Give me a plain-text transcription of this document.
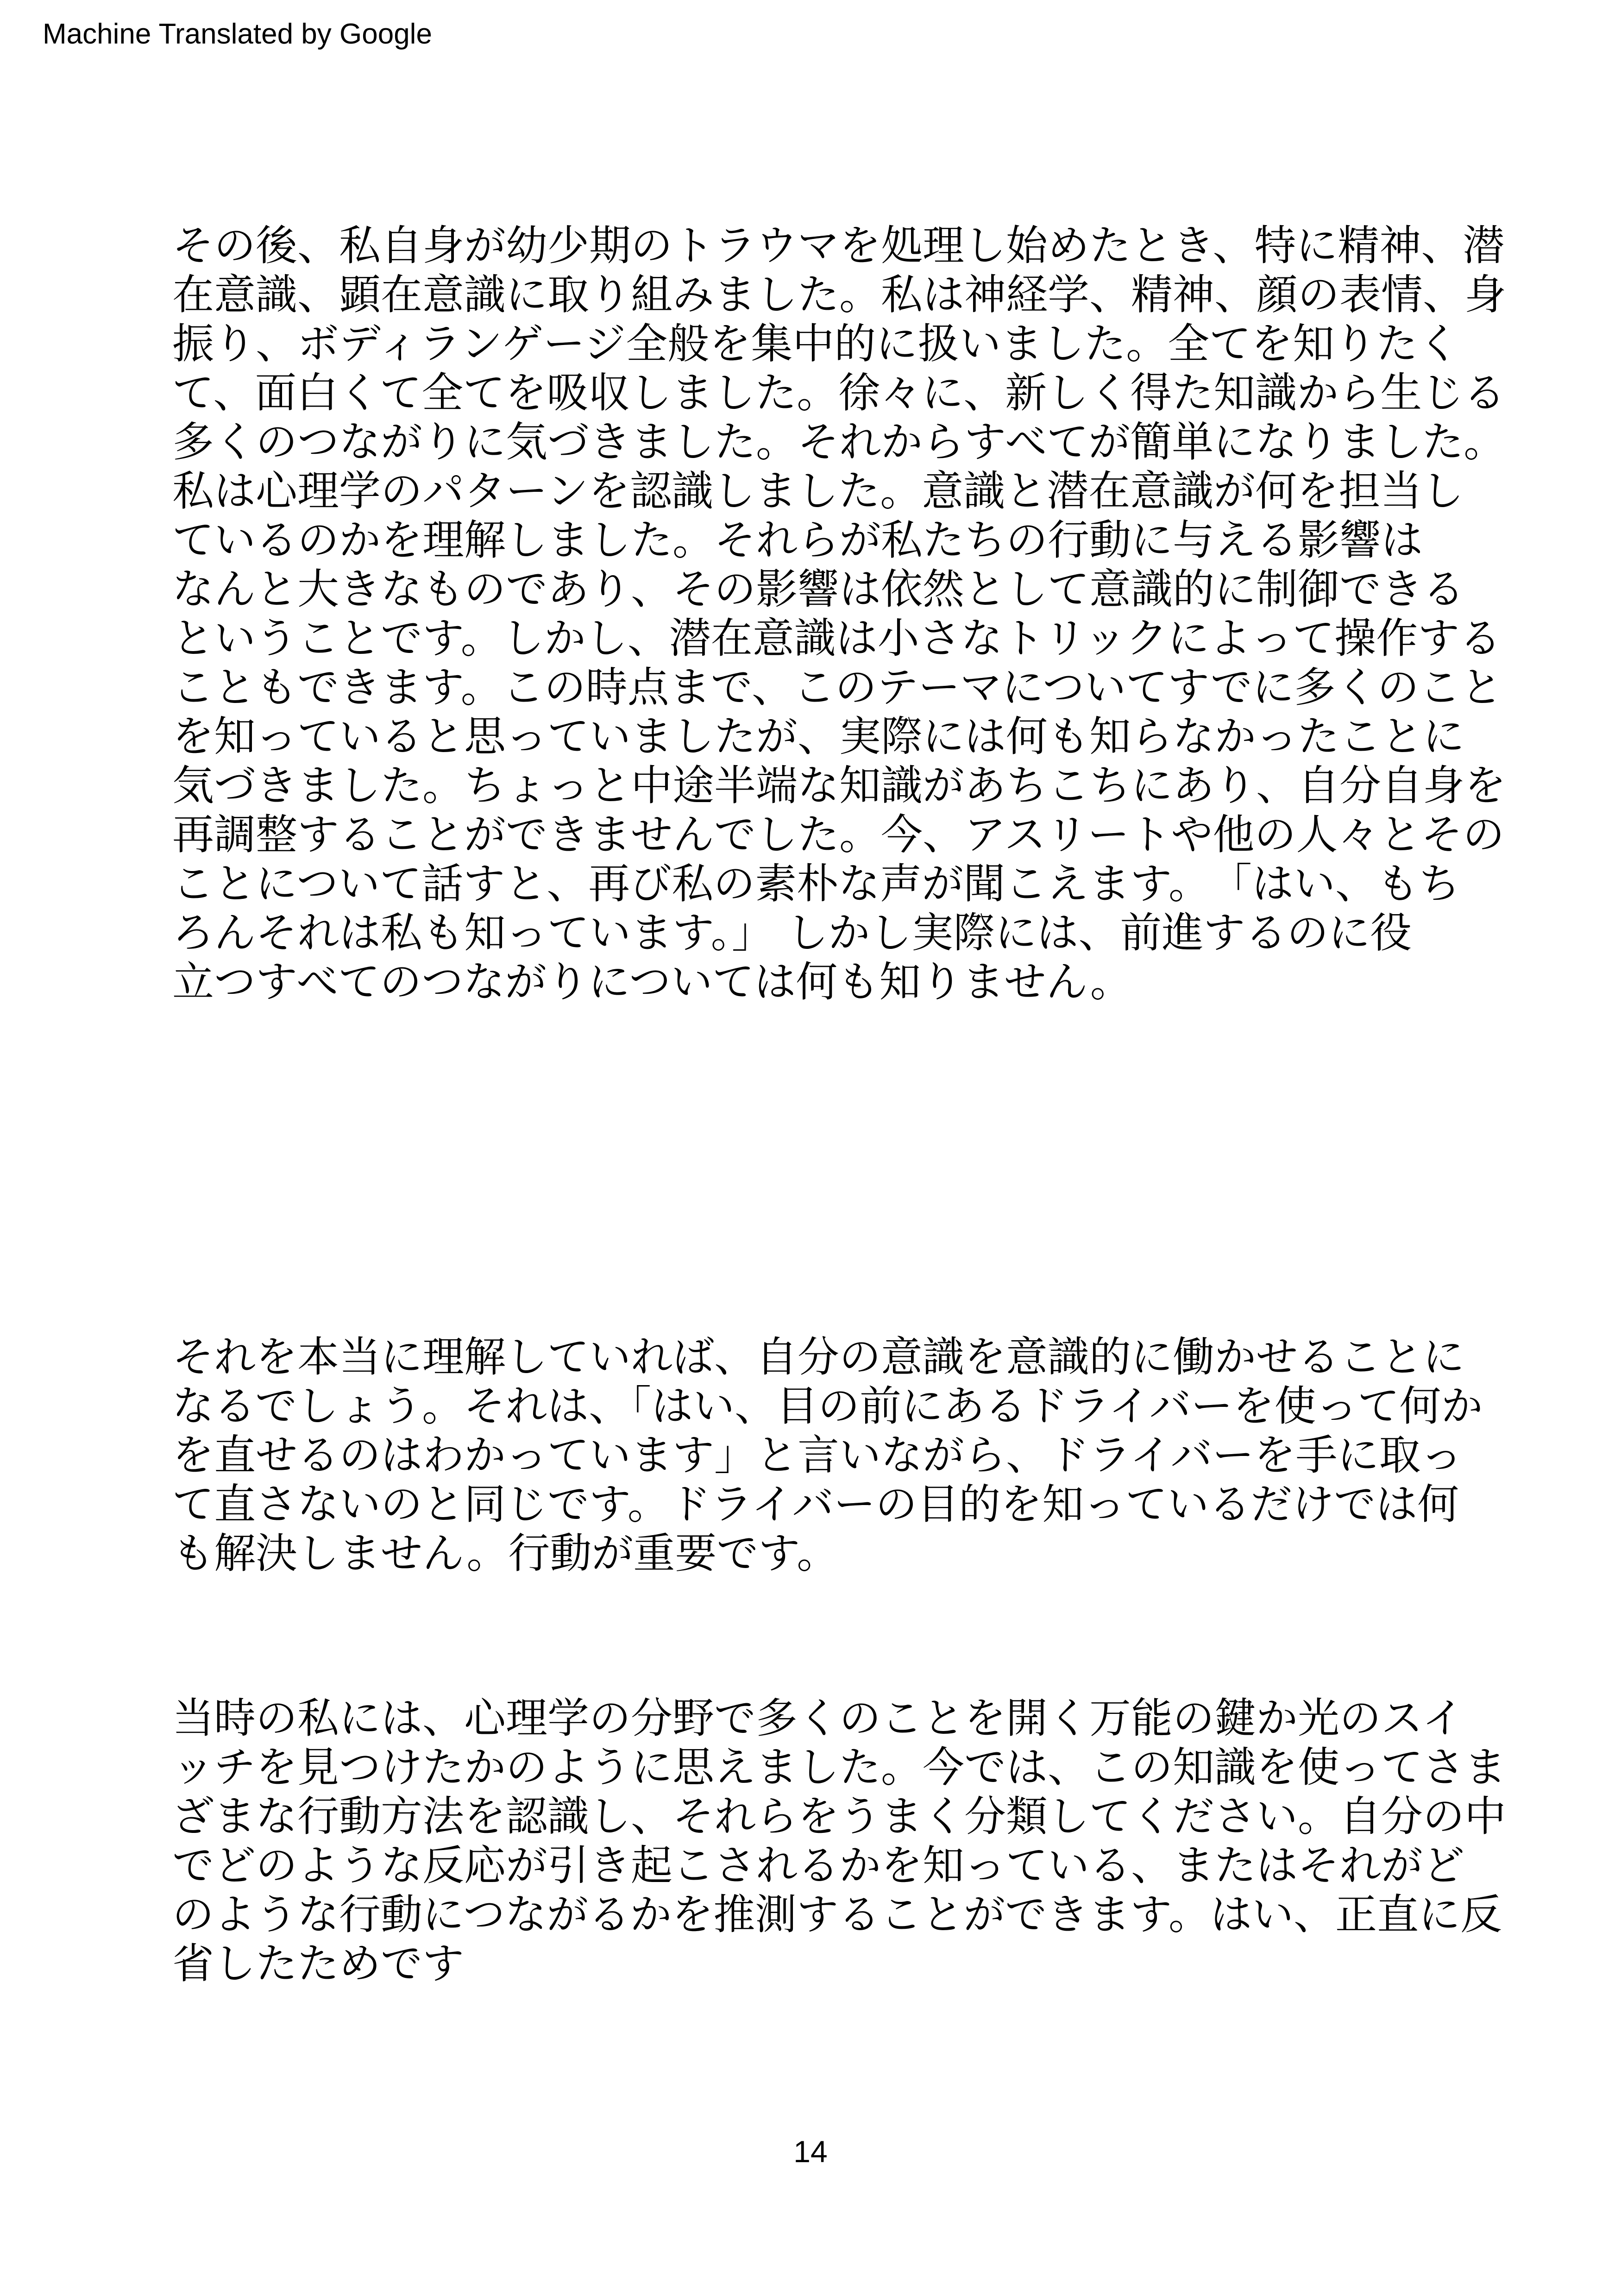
Machine Translated by Google
その後、私自身が幼少期のトラウマを処理し始めたとき、特に精神、潜
在意識、顕在意識に取り組みました。私は神経学、精神、顔の表情、身
振り、ボディランゲージ全般を集中的に扱いました。全てを知りたく
て、面白くて全てを吸収しました。徐々に、新しく得た知識から生じる
多くのつながりに気づきました。それからすべてが簡単になりました。
私は心理学のパターンを認識しました。意識と潜在意識が何を担当し
ているのかを理解しました。それらが私たちの行動に与える影響は
なんと大きなものであり、その影響は依然として意識的に制御できる
ということです。しかし、潜在意識は小さなトリックによって操作する
こともできます。この時点まで、このテーマについてすでに多くのこと
を知っていると思っていましたが、実際には何も知らなかったことに
気づきました。ちょっと中途半端な知識があちこちにあり、自分自身を
再調整することができませんでした。今、アスリートや他の人々とその
ことについて話すと、再び私の素朴な声が聞こえます。　「はい、もち
ろんそれは私も知っています。」 しかし実際には、前進するのに役
立つすべてのつながりについては何も知りません。
それを本当に理解していれば、自分の意識を意識的に働かせることに
なるでしょう。それは、「はい、目の前にあるドライバーを使って何か
を直せるのはわかっています」と言いながら、ドライバーを手に取っ
て直さないのと同じです。ドライバーの目的を知っているだけでは何
も解決しません。行動が重要です。
当時の私には、心理学の分野で多くのことを開く万能の鍵か光のスイ
ッチを見つけたかのように思えました。今では、この知識を使ってさま
ざまな行動方法を認識し、それらをうまく分類してください。自分の中
でどのような反応が引き起こされるかを知っている、またはそれがど
のような行動につながるかを推測することができます。はい、正直に反
省したためです
14
